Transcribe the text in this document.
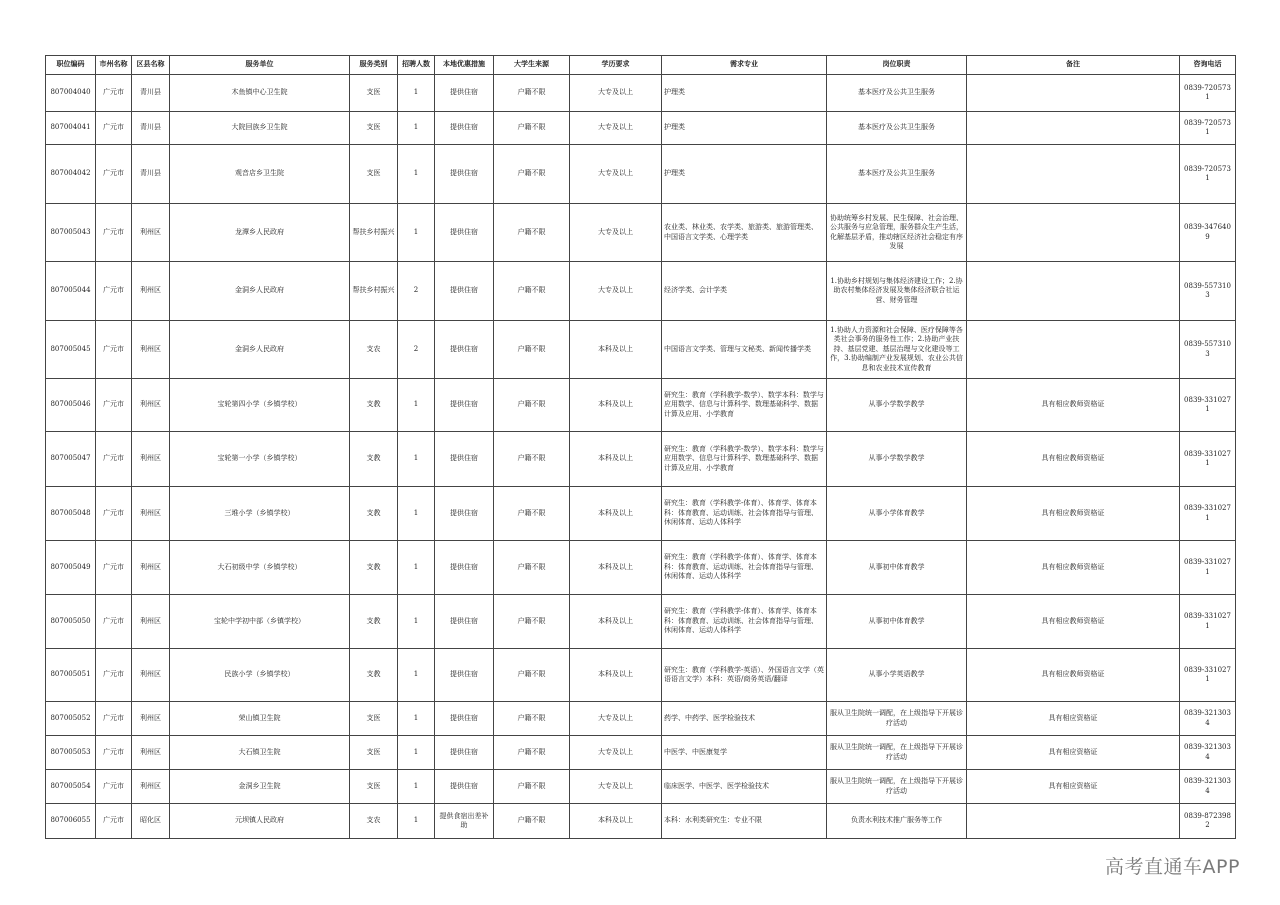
职位编码	市州名称	区县名称	服务单位	服务类别	招聘人数	本地优惠措施	大学生来源	学历要求	需求专业	岗位职责	备注	咨询电话
807004040	广元市	青川县	木鱼镇中心卫生院	支医	1	提供住宿	户籍不限	大专及以上	护理类	基本医疗及公共卫生服务		0839-7205731
807004041	广元市	青川县	大院回族乡卫生院	支医	1	提供住宿	户籍不限	大专及以上	护理类	基本医疗及公共卫生服务		0839-7205731
807004042	广元市	青川县	观音店乡卫生院	支医	1	提供住宿	户籍不限	大专及以上	护理类	基本医疗及公共卫生服务		0839-7205731
807005043	广元市	利州区	龙潭乡人民政府	帮扶乡村振兴	1	提供住宿	户籍不限	大专及以上	农业类、林业类、农学类、旅游类、旅游管理类、中国语言文学类、心理学类	协助统筹乡村发展、民生保障、社会治理、公共服务与应急管理，服务群众生产生活，化解基层矛盾，推动辖区经济社会稳定有序发展		0839-3476409
807005044	广元市	利州区	金洞乡人民政府	帮扶乡村振兴	2	提供住宿	户籍不限	大专及以上	经济学类、会计学类	1.协助乡村规划与集体经济建设工作；2.协助农村集体经济发展及集体经济联合社运营、财务管理		0839-5573103
807005045	广元市	利州区	金洞乡人民政府	支农	2	提供住宿	户籍不限	本科及以上	中国语言文学类、管理与文秘类、新闻传播学类	1.协助人力资源和社会保障、医疗保障等各类社会事务的服务性工作；2.协助产业扶持、基层党建、基层治理与文化建设等工作，3.协助编制产业发展规划、农业公共信息和农业技术宣传教育		0839-5573103
807005046	广元市	利州区	宝轮第四小学（乡镇学校）	支教	1	提供住宿	户籍不限	本科及以上	研究生：教育（学科教学-数学）、数学本科：数学与应用数学、信息与计算科学、数理基础科学、数据计算及应用、小学教育	从事小学数学教学	具有相应教师资格证	0839-3310271
807005047	广元市	利州区	宝轮第一小学（乡镇学校）	支教	1	提供住宿	户籍不限	本科及以上	研究生：教育（学科教学-数学）、数学本科：数学与应用数学、信息与计算科学、数理基础科学、数据计算及应用、小学教育	从事小学数学教学	具有相应教师资格证	0839-3310271
807005048	广元市	利州区	三堆小学（乡镇学校）	支教	1	提供住宿	户籍不限	本科及以上	研究生：教育（学科教学-体育）、体育学、体育本科：体育教育、运动训练、社会体育指导与管理、休闲体育、运动人体科学	从事小学体育教学	具有相应教师资格证	0839-3310271
807005049	广元市	利州区	大石初级中学（乡镇学校）	支教	1	提供住宿	户籍不限	本科及以上	研究生：教育（学科教学-体育）、体育学、体育本科：体育教育、运动训练、社会体育指导与管理、休闲体育、运动人体科学	从事初中体育教学	具有相应教师资格证	0839-3310271
807005050	广元市	利州区	宝轮中学初中部（乡镇学校）	支教	1	提供住宿	户籍不限	本科及以上	研究生：教育（学科教学-体育）、体育学、体育本科：体育教育、运动训练、社会体育指导与管理、休闲体育、运动人体科学	从事初中体育教学	具有相应教师资格证	0839-3310271
807005051	广元市	利州区	民族小学（乡镇学校）	支教	1	提供住宿	户籍不限	本科及以上	研究生：教育（学科教学-英语）、外国语言文学（英语语言文学）本科：英语/商务英语/翻译	从事小学英语教学	具有相应教师资格证	0839-3310271
807005052	广元市	利州区	荣山镇卫生院	支医	1	提供住宿	户籍不限	大专及以上	药学、中药学、医学检验技术	服从卫生院统一调配，在上级指导下开展诊疗活动	具有相应资格证	0839-3213034
807005053	广元市	利州区	大石镇卫生院	支医	1	提供住宿	户籍不限	大专及以上	中医学、中医康复学	服从卫生院统一调配，在上级指导下开展诊疗活动	具有相应资格证	0839-3213034
807005054	广元市	利州区	金洞乡卫生院	支医	1	提供住宿	户籍不限	大专及以上	临床医学、中医学、医学检验技术	服从卫生院统一调配，在上级指导下开展诊疗活动	具有相应资格证	0839-3213034
807006055	广元市	昭化区	元坝镇人民政府	支农	1	提供食宿出差补助	户籍不限	本科及以上	本科：水利类研究生：专业不限	负责水利技术推广服务等工作		0839-8723982
高考直通车APP
